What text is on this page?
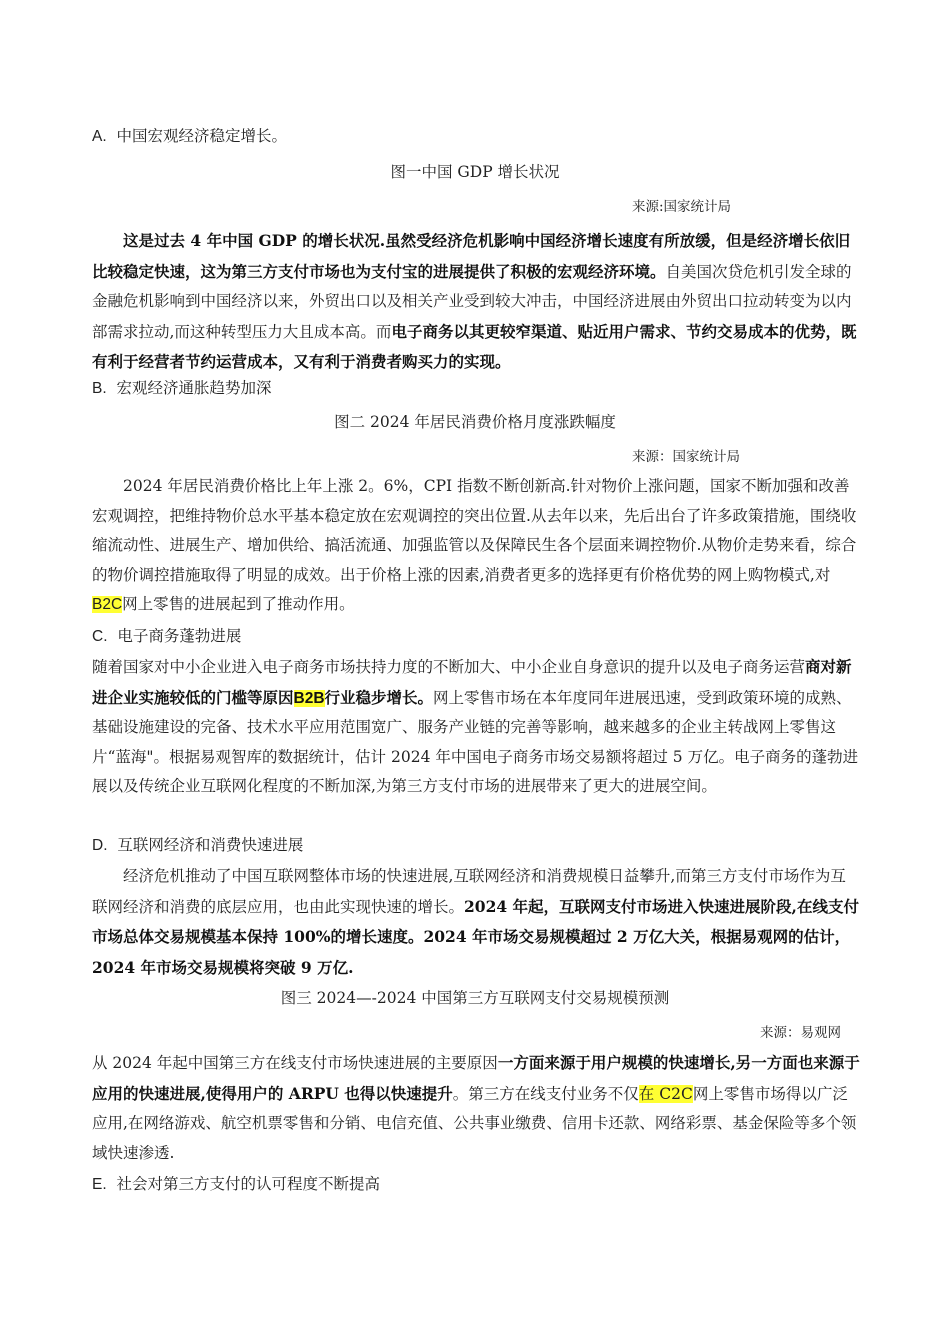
A. 中国宏观经济稳定增长。

图一中国 GDP 增长状况

来源:国家统计局

这是过去 4 年中国 GDP 的增长状况.虽然受经济危机影响中国经济增长速度有所放缓，但是经济增长依旧比较稳定快速，这为第三方支付市场也为支付宝的进展提供了积极的宏观经济环境。自美国次贷危机引发全球的金融危机影响到中国经济以来，外贸出口以及相关产业受到较大冲击，中国经济进展由外贸出口拉动转变为以内部需求拉动,而这种转型压力大且成本高。而电子商务以其更较窄渠道、贴近用户需求、节约交易成本的优势，既有利于经营者节约运营成本，又有利于消费者购买力的实现。

B. 宏观经济通胀趋势加深

图二 2024 年居民消费价格月度涨跌幅度

来源：国家统计局

2024 年居民消费价格比上年上涨 2。6%，CPI 指数不断创新高.针对物价上涨问题，国家不断加强和改善宏观调控，把维持物价总水平基本稳定放在宏观调控的突出位置.从去年以来，先后出台了许多政策措施，围绕收缩流动性、进展生产、增加供给、搞活流通、加强监管以及保障民生各个层面来调控物价.从物价走势来看，综合的物价调控措施取得了明显的成效。出于价格上涨的因素,消费者更多的选择更有价格优势的网上购物模式,对B2C网上零售的进展起到了推动作用。

C. 电子商务蓬勃进展

随着国家对中小企业进入电子商务市场扶持力度的不断加大、中小企业自身意识的提升以及电子商务运营商对新进企业实施较低的门槛等原因B2B行业稳步增长。网上零售市场在本年度同年进展迅速，受到政策环境的成熟、基础设施建设的完备、技术水平应用范围宽广、服务产业链的完善等影响，越来越多的企业主转战网上零售这片“蓝海"。根据易观智库的数据统计，估计 2024 年中国电子商务市场交易额将超过 5 万亿。电子商务的蓬勃进展以及传统企业互联网化程度的不断加深,为第三方支付市场的进展带来了更大的进展空间。

D. 互联网经济和消费快速进展

经济危机推动了中国互联网整体市场的快速进展,互联网经济和消费规模日益攀升,而第三方支付市场作为互联网经济和消费的底层应用，也由此实现快速的增长。2024 年起，互联网支付市场进入快速进展阶段,在线支付市场总体交易规模基本保持 100%的增长速度。2024 年市场交易规模超过 2 万亿大关，根据易观网的估计，2024 年市场交易规模将突破 9 万亿.

图三 2024—-2024 中国第三方互联网支付交易规模预测

来源：易观网

从 2024 年起中国第三方在线支付市场快速进展的主要原因一方面来源于用户规模的快速增长,另一方面也来源于应用的快速进展,使得用户的 ARPU 也得以快速提升。第三方在线支付业务不仅在 C2C网上零售市场得以广泛应用,在网络游戏、航空机票零售和分销、电信充值、公共事业缴费、信用卡还款、网络彩票、基金保险等多个领域快速渗透.

E. 社会对第三方支付的认可程度不断提高
